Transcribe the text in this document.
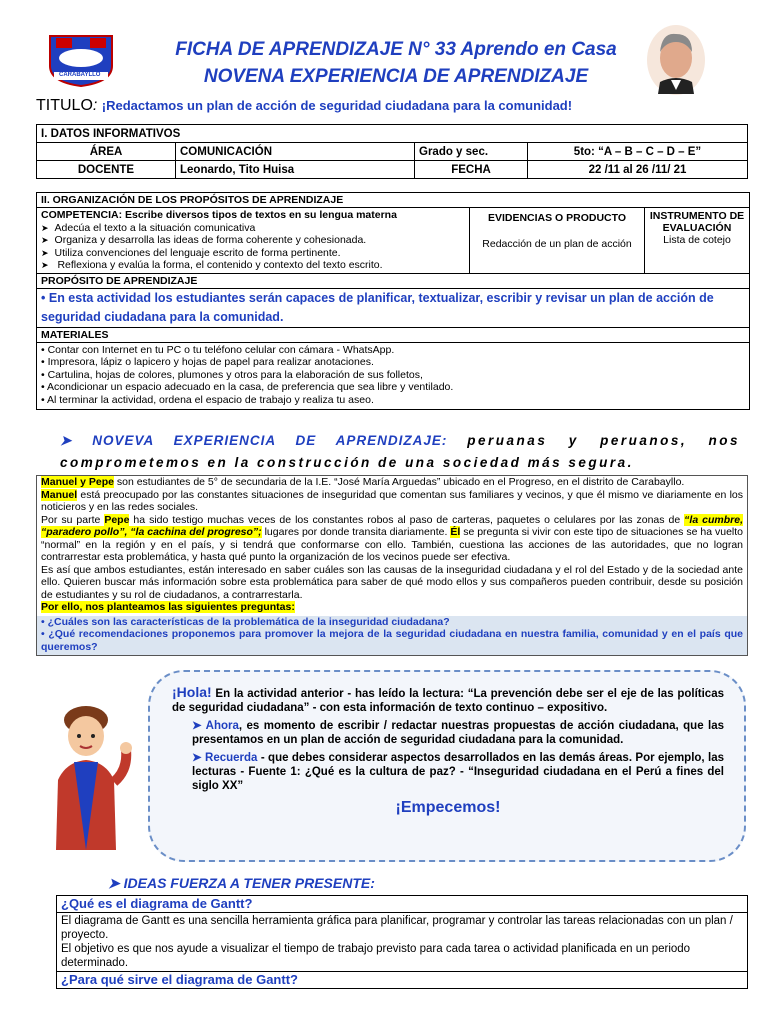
CARABAYLLO
FICHA DE APRENDIZAJE N° 33 Aprendo en Casa
NOVENA EXPERIENCIA DE APRENDIZAJE
TITULO: ¡Redactamos un plan de acción de seguridad ciudadana para la comunidad!
I. DATOS INFORMATIVOS			
ÁREA	COMUNICACIÓN	Grado y sec.	5to: “A – B – C – D – E”
DOCENTE	Leonardo, Tito Huisa	FECHA	22 /11 al 26 /11/ 21
II. ORGANIZACIÓN DE LOS PROPÓSITOS DE APRENDIZAJE
COMPETENCIA: Escribe diversos tipos de textos en su lengua materna
➤ Adecúa el texto a la situación comunicativa
➤ Organiza y desarrolla las ideas de forma coherente y cohesionada.
➤ Utiliza convenciones del lenguaje escrito de forma pertinente.
➤ Reflexiona y evalúa la forma, el contenido y contexto del texto escrito.
EVIDENCIAS O PRODUCTO
Redacción de un plan de acción
INSTRUMENTO DE EVALUACIÓN
Lista de cotejo
PROPÓSITO DE APRENDIZAJE
• En esta actividad los estudiantes serán capaces de planificar, textualizar, escribir y revisar un plan de acción de seguridad ciudadana para la comunidad.
MATERIALES
• Contar con Internet en tu PC o tu teléfono celular con cámara - WhatsApp.
• Impresora, lápiz o lapicero y hojas de papel para realizar anotaciones.
• Cartulina, hojas de colores, plumones y otros para la elaboración de sus folletos,
• Acondicionar un espacio adecuado en la casa, de preferencia que sea libre y ventilado.
• Al terminar la actividad, ordena el espacio de trabajo y realiza tu aseo.
➤ NOVEVA EXPERIENCIA DE APRENDIZAJE: peruanas y peruanos, nos comprometemos en la construcción de una sociedad más segura.

Manuel y Pepe son estudiantes de 5° de secundaria de la I.E. “José María Arguedas” ubicado en el Progreso, en el distrito de Carabayllo.

Manuel está preocupado por las constantes situaciones de inseguridad que comentan sus familiares y vecinos, y que él mismo ve diariamente en los noticieros y en las redes sociales.

Por su parte Pepe ha sido testigo muchas veces de los constantes robos al paso de carteras, paquetes o celulares por las zonas de “la cumbre, “paradero pollo”, “la cachina del progreso”; lugares por donde transita diariamente. Él se pregunta si vivir con este tipo de situaciones se ha vuelto “normal” en la región y en el país, y si tendrá que conformarse con ello. También, cuestiona las acciones de las autoridades, que no logran contrarrestar esta problemática, y hasta qué punto la organización de los vecinos puede ser efectiva.

Es así que ambos estudiantes, están interesado en saber cuáles son las causas de la inseguridad ciudadana y el rol del Estado y de la sociedad ante ello. Quieren buscar más información sobre esta problemática para saber de qué modo ellos y sus compañeros pueden contribuir, desde su posición de estudiantes y su rol de ciudadanos, a contrarrestarla.

Por ello, nos planteamos las siguientes preguntas:

• ¿Cuáles son las características de la problemática de la inseguridad ciudadana?
• ¿Qué recomendaciones proponemos para promover la mejora de la seguridad ciudadana en nuestra familia, comunidad y en el país que queremos?
¡Hola! En la actividad anterior - has leído la lectura: “La prevención debe ser el eje de las políticas de seguridad ciudadana” - con esta información de texto continuo – expositivo.
➤ Ahora, es momento de escribir / redactar nuestras propuestas de acción ciudadana, que las presentamos en un plan de acción de seguridad ciudadana para la comunidad.
➤ Recuerda - que debes considerar aspectos desarrollados en las demás áreas. Por ejemplo, las lecturas - Fuente 1: ¿Qué es la cultura de paz? - “Inseguridad ciudadana en el Perú a fines del siglo XX”
¡Empecemos!
➤ IDEAS FUERZA A TENER PRESENTE:
¿Qué es el diagrama de Gantt?
El diagrama de Gantt es una sencilla herramienta gráfica para planificar, programar y controlar las tareas relacionadas con un plan / proyecto.
El objetivo es que nos ayude a visualizar el tiempo de trabajo previsto para cada tarea o actividad planificada en un periodo determinado.
¿Para qué sirve el diagrama de Gantt?
